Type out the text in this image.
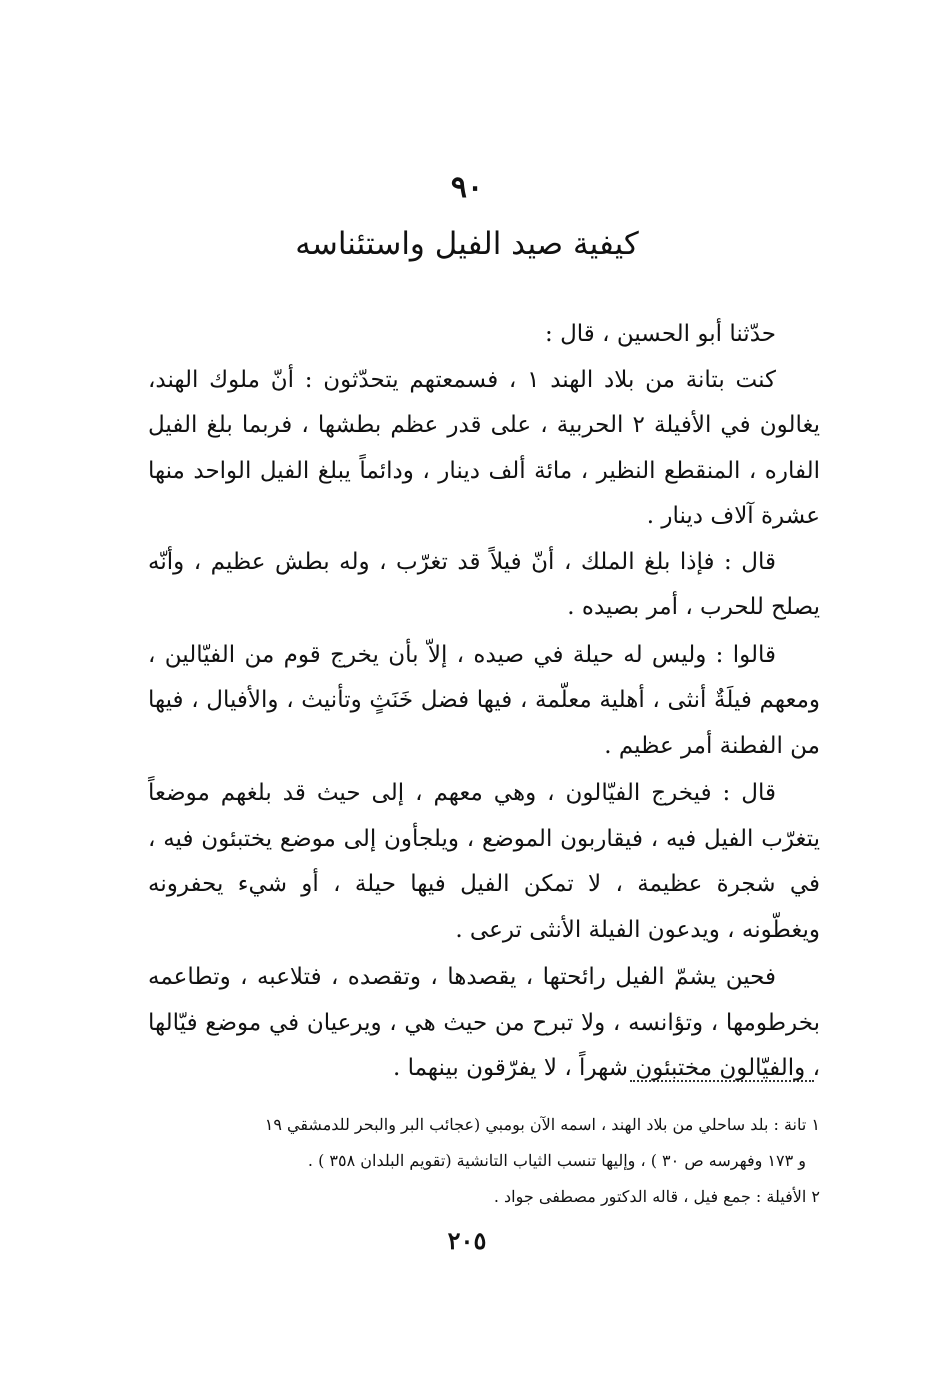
٩٠
كيفية صيد الفيل واستئناسه

حدّثنا أبو الحسين ، قال :

كنت بتانة من بلاد الهند ١ ، فسمعتهم يتحدّثون : أنّ ملوك الهند، يغالون في الأفيلة ٢ الحربية ، على قدر عظم بطشها ، فربما بلغ الفيل الفاره ، المنقطع النظير ، مائة ألف دينار ، ودائماً يبلغ الفيل الواحد منها عشرة آلاف دينار .

قال : فإذا بلغ الملك ، أنّ فيلاً قد تغرّب ، وله بطش عظيم ، وأنّه يصلح للحرب ، أمر بصيده .

قالوا : وليس له حيلة في صيده ، إلاّ بأن يخرج قوم من الفيّالين ، ومعهم فيلَةٌ أنثى ، أهلية معلّمة ، فيها فضل خَنَثٍ وتأنيث ، والأفيال ، فيها من الفطنة أمر عظيم .

قال : فيخرج الفيّالون ، وهي معهم ، إلى حيث قد بلغهم موضعاً يتغرّب الفيل فيه ، فيقاربون الموضع ، ويلجأون إلى موضع يختبئون فيه ، في شجرة عظيمة ، لا تمكن الفيل فيها حيلة ، أو شيء يحفرونه ويغطّونه ، ويدعون الفيلة الأنثى ترعى .

فحين يشمّ الفيل رائحتها ، يقصدها ، وتقصده ، فتلاعبه ، وتطاعمه بخرطومها ، وتؤانسه ، ولا تبرح من حيث هي ، ويرعيان في موضع فيّالها ، والفيّالون مختبئون شهراً ، لا يفرّقون بينهما .

١ تانة : بلد ساحلي من بلاد الهند ، اسمه الآن بومبي (عجائب البر والبحر للدمشقي ١٩

و ١٧٣ وفهرسه ص ٣٠ ) ، وإليها تنسب الثياب التانشية (تقويم البلدان ٣٥٨ ) .

٢ الأفيلة : جمع فيل ، قاله الدكتور مصطفى جواد .

٢٠٥
